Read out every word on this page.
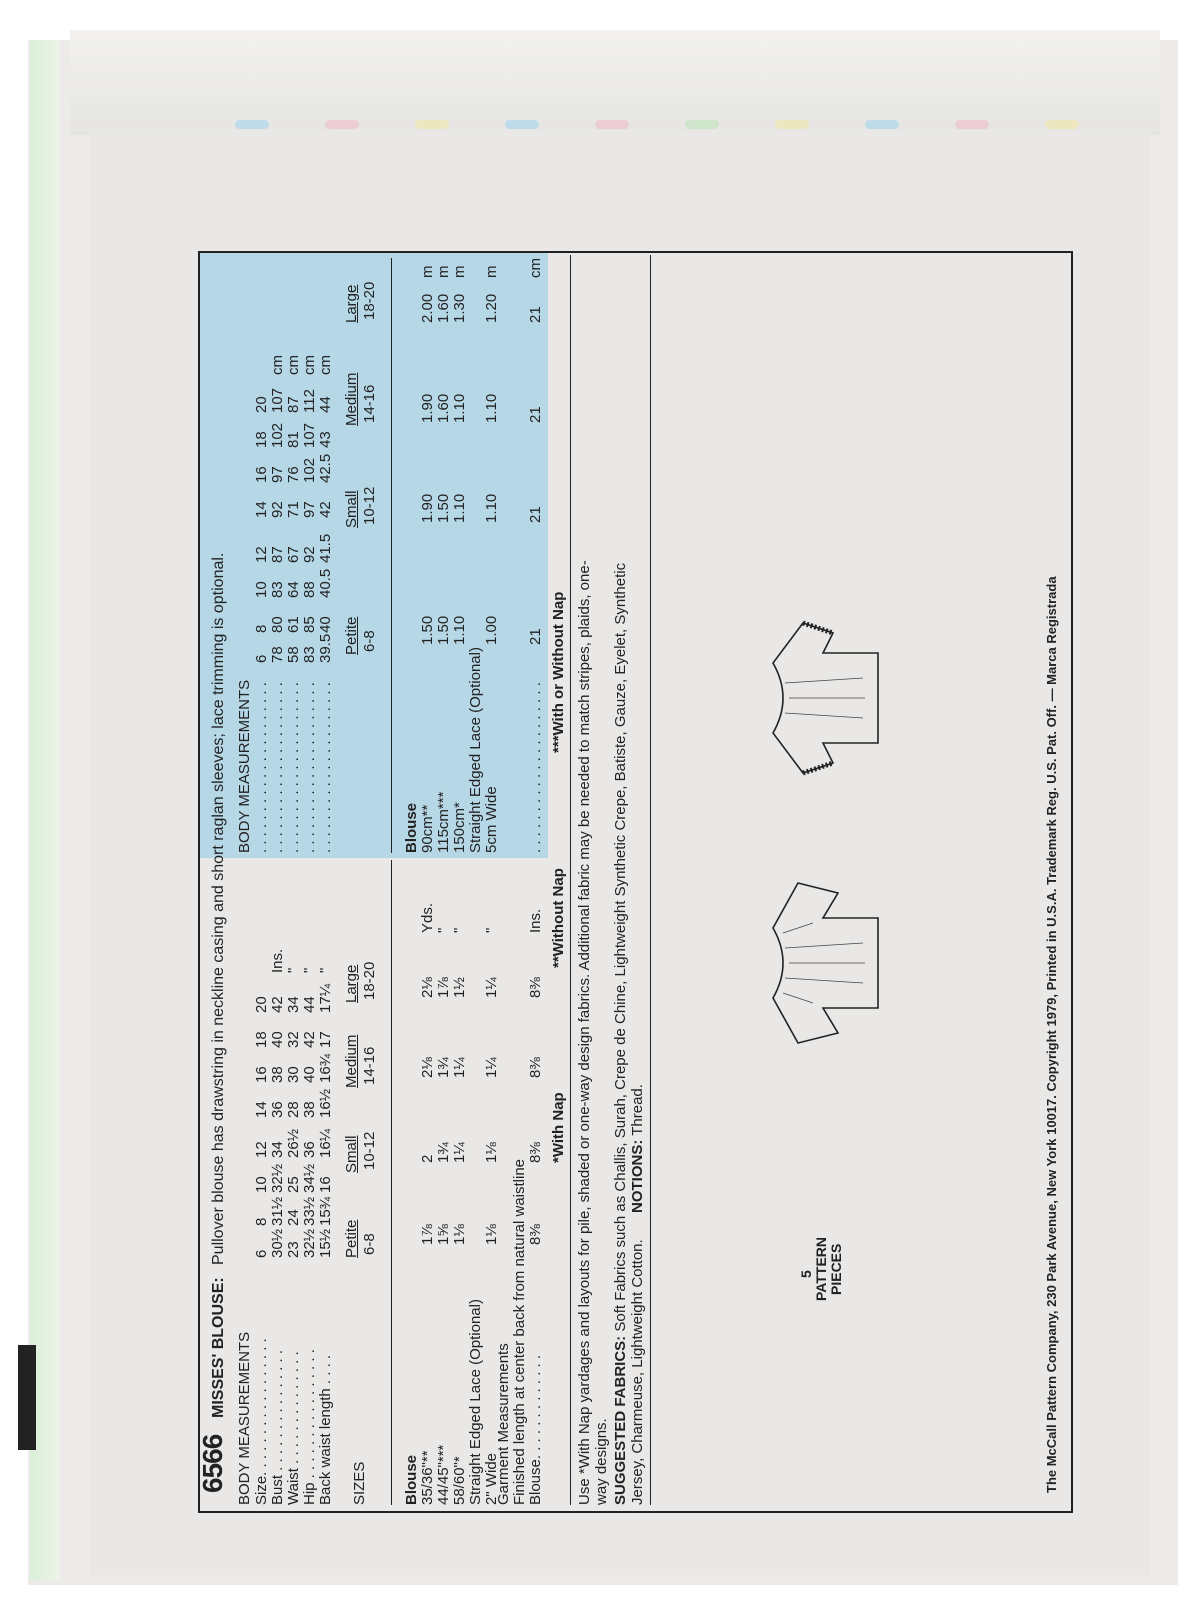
6566
MISSES' BLOUSE:
Pullover blouse has drawstring in neckline casing and short raglan sleeves; lace trimming is optional.
BODY MEASUREMENTS Size. . . . . . . . . . . . . . . . .
6
8
10
12
14
16
18
20
Bust . . . . . . . . . . . . . . .
30½
31½
32½
34
36
38
40
42
Ins.
Waist . . . . . . . . . . . . . .
23
24
25
26½
28
30
32
34
"
Hip . . . . . . . . . . . . . . . .
32½
33½
34½
36
38
40
42
44
"
Back waist length . . . .
15½
15¾
16
16¼
16½
16¾
17
17¼
"
SIZES
Petite 6-8
Small 10-12
Medium 14-16
Large 18-20
Blouse 35/36"**
1⅞
2
2⅛
2⅛
Yds.
44/45"***
1⅝
1¾
1¾
1⅞
"
58/60"*
1⅛
1¼
1¼
1½
"
Straight Edged Lace (Optional) 2" Wide
1⅛
1⅛
1¼
1¼
"
BODY MEASUREMENTS . . . . . . . . . . . . . . . . . . . . .
6
8
10
12
14
16
18
20
. . . . . . . . . . . . . . . . . . . . .
78
80
83
87
92
97
102
107
cm
. . . . . . . . . . . . . . . . . . . . .
58
61
64
67
71
76
81
87
cm
. . . . . . . . . . . . . . . . . . . . .
83
85
88
92
97
102
107
112
cm
. . . . . . . . . . . . . . . . . . . . .
39.5
40
40.5
41.5
42
42.5
43
44
cm
Petite 6-8
Small 10-12
Medium 14-16
Large 18-20
Blouse 90cm**
1.50
1.90
1.90
2.00
m
115cm***
1.50
1.50
1.60
1.60
m
150cm*
1.10
1.10
1.10
1.30
m
Straight Edged Lace (Optional) 5cm Wide
1.00
1.10
1.10
1.20
m
Garment Measurements Finished length at center back from natural waistline Blouse. . . . . . . . . . . . .
8⅜
8⅜
8⅜
8⅜
Ins.
. . . . . . . . . . . . . . . . . . . . .
21
21
21
21
cm
*With Nap
**Without Nap
***With or Without Nap Use *With Nap yardages and layouts for pile, shaded or one-way design fabrics. Additional fabric may be needed to match stripes, plaids, one- way designs. SUGGESTED FABRICS: Soft Fabrics such as Challis, Surah, Crepe de Chine, Lightweight Synthetic Crepe, Batiste, Gauze, Eyelet, Synthetic
Jersey, Charmeuse, Lightweight Cotton.
NOTIONS: Thread.
5 PATTERN PIECES	The McCall Pattern Company, 230 Park Avenue, New York 10017. Copyright 1979, Printed in U.S.A. Trademark Reg. U.S. Pat. Off. — Marca Registrada
